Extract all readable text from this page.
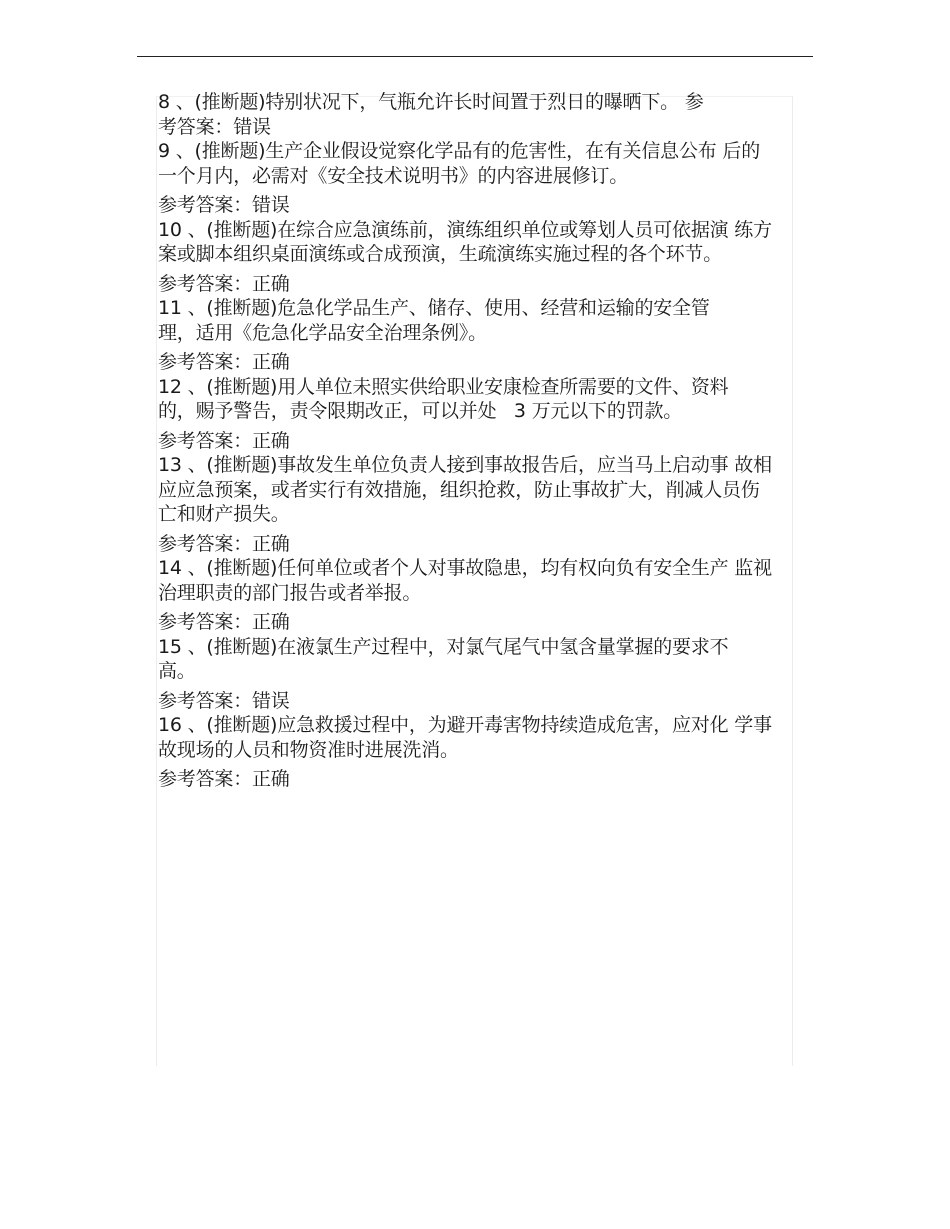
8 、(推断题)特别状况下，气瓶允许长时间置于烈日的曝晒下。 参

考答案：错误

9 、(推断题)生产企业假设觉察化学品有的危害性，在有关信息公布 后的一个月内，必需对《安全技术说明书》的内容进展修订。

参考答案：错误

10 、(推断题)在综合应急演练前，演练组织单位或筹划人员可依据演 练方案或脚本组织桌面演练或合成预演，生疏演练实施过程的各个环节。

参考答案：正确

11 、(推断题)危急化学品生产、储存、使用、经营和运输的安全管理，适用《危急化学品安全治理条例》。

参考答案：正确

12 、(推断题)用人单位未照实供给职业安康检查所需要的文件、资料的，赐予警告，责令限期改正，可以并处   3 万元以下的罚款。

参考答案：正确

13 、(推断题)事故发生单位负责人接到事故报告后，应当马上启动事 故相应应急预案，或者实行有效措施，组织抢救，防止事故扩大，削减人员伤亡和财产损失。

参考答案：正确

14 、(推断题)任何单位或者个人对事故隐患，均有权向负有安全生产 监视治理职责的部门报告或者举报。

参考答案：正确

15 、(推断题)在液氯生产过程中，对氯气尾气中氢含量掌握的要求不高。

参考答案：错误

16 、(推断题)应急救援过程中，为避开毒害物持续造成危害，应对化 学事故现场的人员和物资准时进展洗消。

参考答案：正确
